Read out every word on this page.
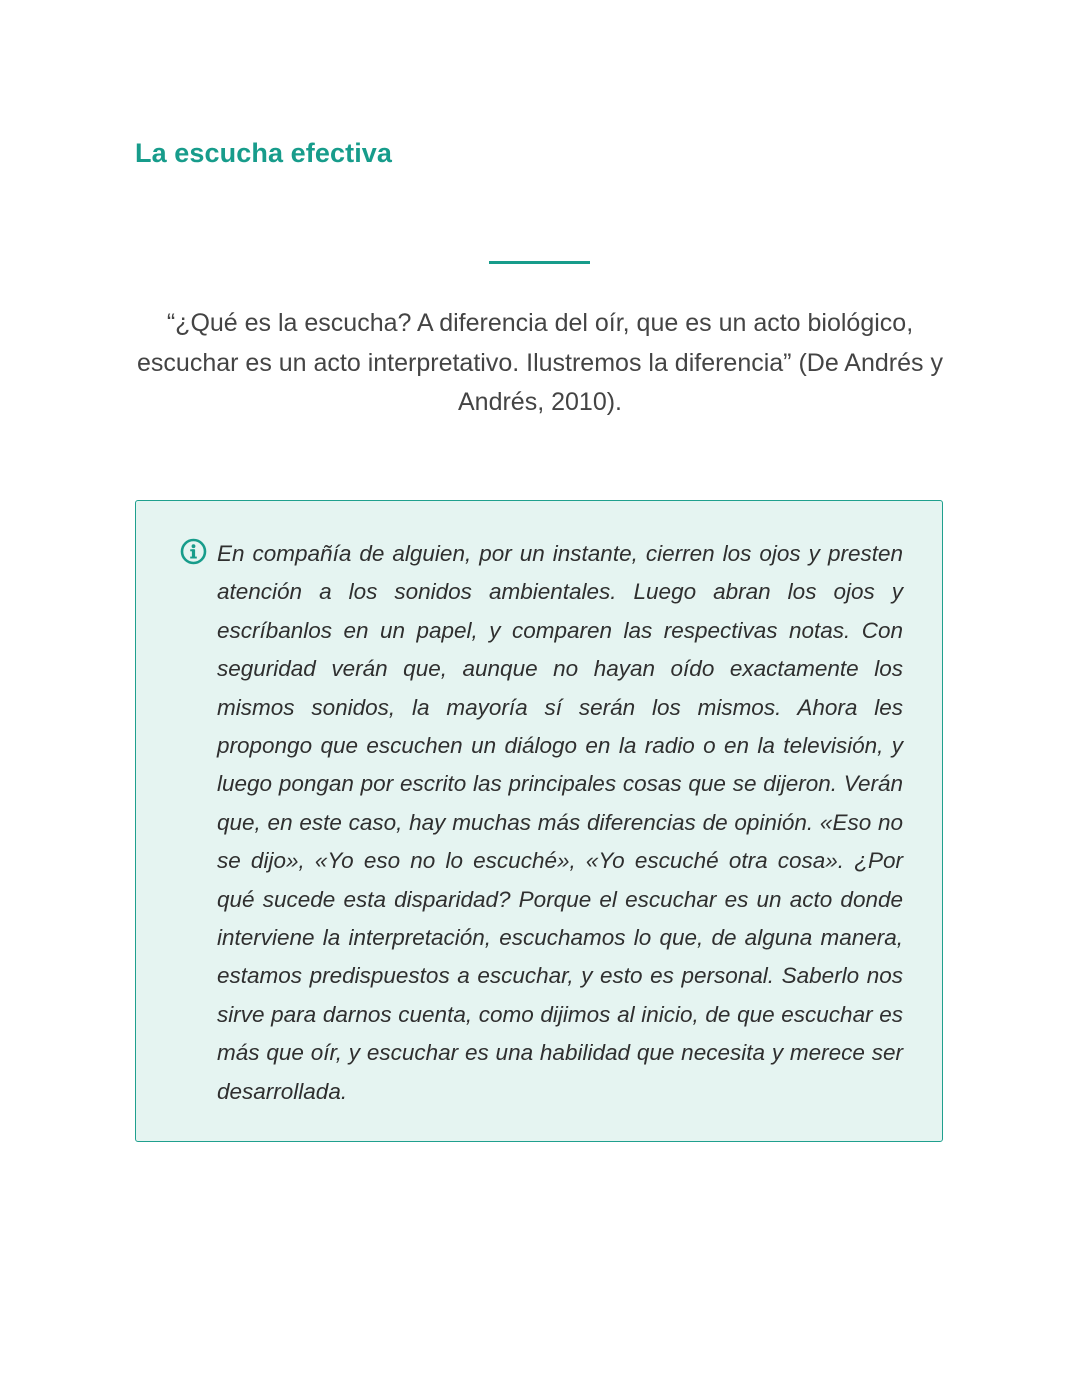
La escucha efectiva

“¿Qué es la escucha? A diferencia del oír, que es un acto biológico, escuchar es un acto interpretativo. Ilustremos la diferencia” (De Andrés y Andrés, 2010).

En compañía de alguien, por un instante, cierren los ojos y presten atención a los sonidos ambientales. Luego abran los ojos y escríbanlos en un papel, y comparen las respectivas notas. Con seguridad verán que, aunque no hayan oído exactamente los mismos sonidos, la mayoría sí serán los mismos. Ahora les propongo que escuchen un diálogo en la radio o en la televisión, y luego pongan por escrito las principales cosas que se dijeron. Verán que, en este caso, hay muchas más diferencias de opinión. «Eso no se dijo», «Yo eso no lo escuché», «Yo escuché otra cosa». ¿Por qué sucede esta disparidad? Porque el escuchar es un acto donde interviene la interpretación, escuchamos lo que, de alguna manera, estamos predispuestos a escuchar, y esto es personal. Saberlo nos sirve para darnos cuenta, como dijimos al inicio, de que escuchar es más que oír, y escuchar es una habilidad que necesita y merece ser desarrollada.
